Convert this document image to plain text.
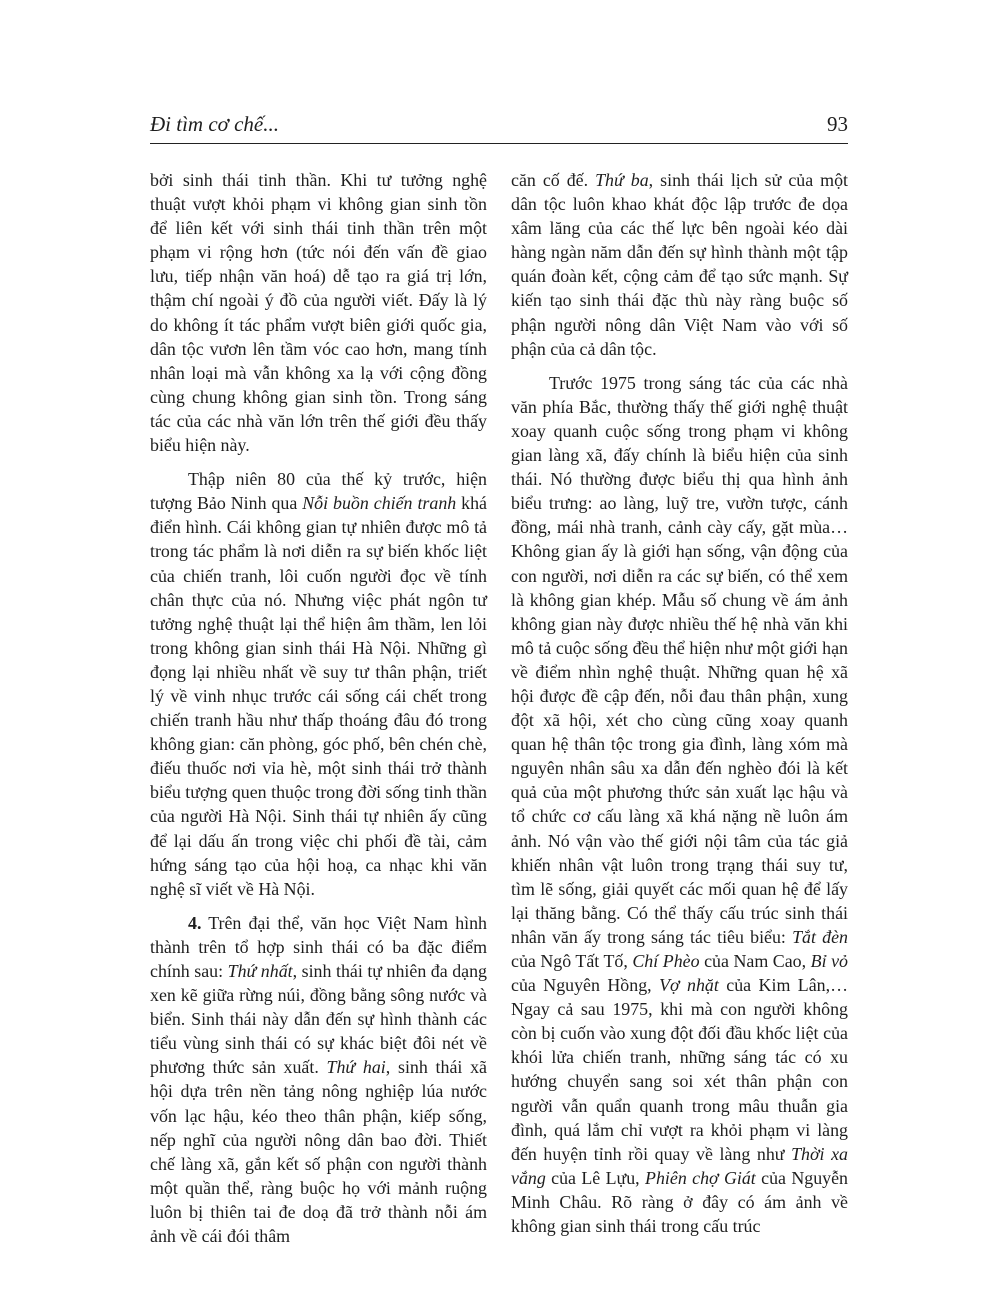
Đi tìm cơ chế...	93

bởi sinh thái tinh thần. Khi tư tưởng nghệ thuật vượt khỏi phạm vi không gian sinh tồn để liên kết với sinh thái tinh thần trên một phạm vi rộng hơn (tức nói đến vấn đề giao lưu, tiếp nhận văn hoá) dễ tạo ra giá trị lớn, thậm chí ngoài ý đồ của người viết. Đấy là lý do không ít tác phẩm vượt biên giới quốc gia, dân tộc vươn lên tầm vóc cao hơn, mang tính nhân loại mà vẫn không xa lạ với cộng đồng cùng chung không gian sinh tồn. Trong sáng tác của các nhà văn lớn trên thế giới đều thấy biểu hiện này.

Thập niên 80 của thế kỷ trước, hiện tượng Bảo Ninh qua Nỗi buồn chiến tranh khá điển hình. Cái không gian tự nhiên được mô tả trong tác phẩm là nơi diễn ra sự biến khốc liệt của chiến tranh, lôi cuốn người đọc về tính chân thực của nó. Nhưng việc phát ngôn tư tưởng nghệ thuật lại thể hiện âm thầm, len lỏi trong không gian sinh thái Hà Nội. Những gì đọng lại nhiều nhất về suy tư thân phận, triết lý về vinh nhục trước cái sống cái chết trong chiến tranh hầu như thấp thoáng đâu đó trong không gian: căn phòng, góc phố, bên chén chè, điếu thuốc nơi vỉa hè, một sinh thái trở thành biểu tượng quen thuộc trong đời sống tinh thần của người Hà Nội. Sinh thái tự nhiên ấy cũng để lại dấu ấn trong việc chi phối đề tài, cảm hứng sáng tạo của hội hoạ, ca nhạc khi văn nghệ sĩ viết về Hà Nội.

4. Trên đại thể, văn học Việt Nam hình thành trên tổ hợp sinh thái có ba đặc điểm chính sau: Thứ nhất, sinh thái tự nhiên đa dạng xen kẽ giữa rừng núi, đồng bằng sông nước và biển. Sinh thái này dẫn đến sự hình thành các tiểu vùng sinh thái có sự khác biệt đôi nét về phương thức sản xuất. Thứ hai, sinh thái xã hội dựa trên nền tảng nông nghiệp lúa nước vốn lạc hậu, kéo theo thân phận, kiếp sống, nếp nghĩ của người nông dân bao đời. Thiết chế làng xã, gắn kết số phận con người thành một quần thể, ràng buộc họ với mảnh ruộng luôn bị thiên tai đe doạ đã trở thành nỗi ám ảnh về cái đói thâm

căn cố đế. Thứ ba, sinh thái lịch sử của một dân tộc luôn khao khát độc lập trước đe dọa xâm lăng của các thế lực bên ngoài kéo dài hàng ngàn năm dẫn đến sự hình thành một tập quán đoàn kết, cộng cảm để tạo sức mạnh. Sự kiến tạo sinh thái đặc thù này ràng buộc số phận người nông dân Việt Nam vào với số phận của cả dân tộc.

Trước 1975 trong sáng tác của các nhà văn phía Bắc, thường thấy thế giới nghệ thuật xoay quanh cuộc sống trong phạm vi không gian làng xã, đấy chính là biểu hiện của sinh thái. Nó thường được biểu thị qua hình ảnh biểu trưng: ao làng, luỹ tre, vườn tược, cánh đồng, mái nhà tranh, cảnh cày cấy, gặt mùa… Không gian ấy là giới hạn sống, vận động của con người, nơi diễn ra các sự biến, có thể xem là không gian khép. Mẫu số chung về ám ảnh không gian này được nhiều thế hệ nhà văn khi mô tả cuộc sống đều thể hiện như một giới hạn về điểm nhìn nghệ thuật. Những quan hệ xã hội được đề cập đến, nỗi đau thân phận, xung đột xã hội, xét cho cùng cũng xoay quanh quan hệ thân tộc trong gia đình, làng xóm mà nguyên nhân sâu xa dẫn đến nghèo đói là kết quả của một phương thức sản xuất lạc hậu và tổ chức cơ cấu làng xã khá nặng nề luôn ám ảnh. Nó vận vào thế giới nội tâm của tác giả khiến nhân vật luôn trong trạng thái suy tư, tìm lẽ sống, giải quyết các mối quan hệ để lấy lại thăng bằng. Có thể thấy cấu trúc sinh thái nhân văn ấy trong sáng tác tiêu biểu: Tắt đèn của Ngô Tất Tố, Chí Phèo của Nam Cao, Bỉ vỏ của Nguyên Hồng, Vợ nhặt của Kim Lân,… Ngay cả sau 1975, khi mà con người không còn bị cuốn vào xung đột đối đầu khốc liệt của khói lửa chiến tranh, những sáng tác có xu hướng chuyển sang soi xét thân phận con người vẫn quẩn quanh trong mâu thuẫn gia đình, quá lắm chỉ vượt ra khỏi phạm vi làng đến huyện tỉnh rồi quay về làng như Thời xa vắng của Lê Lựu, Phiên chợ Giát của Nguyễn Minh Châu. Rõ ràng ở đây có ám ảnh về không gian sinh thái trong cấu trúc
